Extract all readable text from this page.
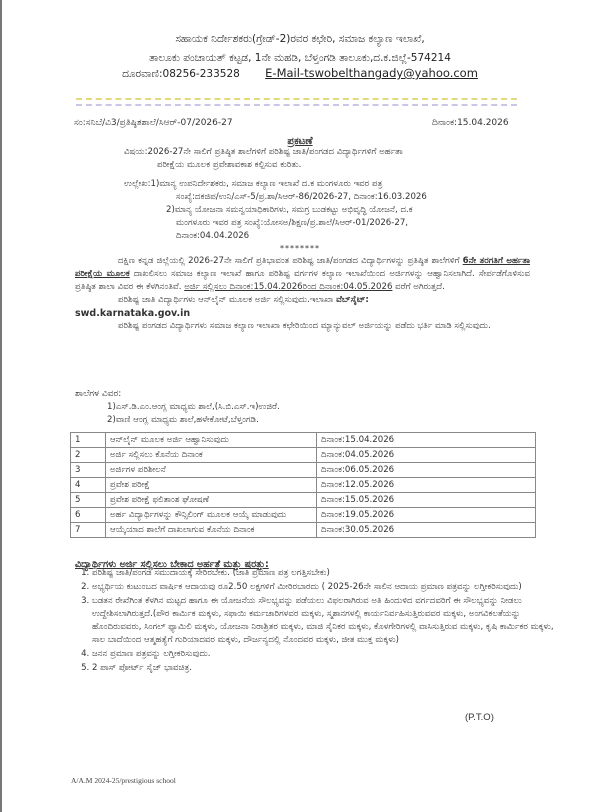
ಸಹಾಯಕ ನಿರ್ದೇಶಕರು(ಗ್ರೇಡ್-2)ರವರ ಕಛೇರಿ, ಸಮಾಜ ಕಲ್ಯಾಣ ಇಲಾಖೆ,
ತಾಲೂಕು ಪಂಚಾಯತ್ ಕಟ್ಟಡ, 1ನೇ ಮಹಡಿ, ಬೆಳ್ತಂಗಡಿ ತಾಲೂಕು,ದ.ಕ.ಜಿಲ್ಲೆ-574214
ದೂರವಾಣಿ:08256-233528 E-Mail-tswobelthangady@yahoo.com
ಸಂ:ಸನಿಬೆ/ವಿ3/ಪ್ರತಿಷ್ಠಿತಶಾಲೆ/ಸಿಆರ್-07/2026-27	ದಿನಾಂಕ:15.04.2026
ಪ್ರಕಟಣೆ
ವಿಷಯ:2026-27ನೇ ಸಾಲಿಗೆ ಪ್ರತಿಷ್ಠಿತ ಶಾಲೆಗಳಿಗೆ ಪರಿಶಿಷ್ಟ ಜಾತಿ/ಪಂಗಡದ ವಿದ್ಯಾರ್ಥಿಗಳಿಗೆ ಅರ್ಹತಾ
ಪರೀಕ್ಷೆಯ ಮೂಲಕ ಪ್ರವೇಶಾವಕಾಶ ಕಲ್ಪಿಸುವ ಕುರಿತು.
ಉಲ್ಲೇಖ:1)ಮಾನ್ಯ ಉಪನಿರ್ದೇಶಕರು, ಸಮಾಜ ಕಲ್ಯಾಣ ಇಲಾಖೆ ದ.ಕ ಮಂಗಳೂರು ಇವರ ಪತ್ರ
ಸಂಖ್ಯೆ:ದಕಜಿಪ/ಉನಿ/ಎಸ್-5/ಪ್ರ.ಶಾ/ಸಿಆರ್-86/2026-27, ದಿನಾಂಕ:16.03.2026
2)ಮಾನ್ಯ ಯೋಜನಾ ಸಮನ್ವಯಾಧಿಕಾರಿಗಳು, ಸಮಗ್ರ ಬುಡಕಟ್ಟು ಅಭಿವೃದ್ಧಿ ಯೋಜನೆ, ದ.ಕ
ಮಂಗಳೂರು ಇವರ ಪತ್ರ ಸಂಖ್ಯೆ:ಯೋಸಅ/ಶಿಕ್ಷಣ/ಪ್ರ.ಶಾಲೆ/ಸಿಆರ್-01/2026-27,
ದಿನಾಂಕ:04.04.2026
********
ದಕ್ಷಿಣ ಕನ್ನಡ ಜಿಲ್ಲೆಯಲ್ಲಿ 2026-27ನೇ ಸಾಲಿಗೆ ಪ್ರತಿಭಾವಂತ ಪರಿಶಿಷ್ಟ ಜಾತಿ/ಪಂಗಡದ ವಿದ್ಯಾರ್ಥಿಗಳನ್ನು ಪ್ರತಿಷ್ಠಿತ ಶಾಲೆಗಳಿಗೆ 6ನೇ ತರಗತಿಗೆ ಅರ್ಹತಾ ಪರೀಕ್ಷೆಯ ಮೂಲಕ ದಾಖಲಿಸಲು ಸಮಾಜ ಕಲ್ಯಾಣ ಇಲಾಖೆ ಹಾಗೂ ಪರಿಶಿಷ್ಟ ವರ್ಗಗಳ ಕಲ್ಯಾಣ ಇಲಾಖೆಯಿಂದ ಅರ್ಜಿಗಳನ್ನು ಆಹ್ವಾನಿಸಲಾಗಿದೆ. ಸೇರ್ಪಡೆಗೊಳಿಸುವ ಪ್ರತಿಷ್ಠಿತ ಶಾಲಾ ವಿವರ ಈ ಕೆಳಗಿನಂತಿವೆ. ಅರ್ಜಿ ಸಲ್ಲಿಸಲು ದಿನಾಂಕ:15.04.2026ರಿಂದ ದಿನಾಂಕ:04.05.2026 ವರೆಗೆ ಅಗಿರುತ್ತದೆ.
ಪರಿಶಿಷ್ಟ ಜಾತಿ ವಿದ್ಯಾರ್ಥಿಗಳು ಆನ್‌ಲೈನ್ ಮೂಲಕ ಅರ್ಜಿ ಸಲ್ಲಿಸುವುದು.ಇಲಾಖಾ ವೆಬ್‌ಸೈಟ್:
swd.karnataka.gov.in
ಪರಿಶಿಷ್ಟ ಪಂಗಡದ ವಿದ್ಯಾರ್ಥಿಗಳು ಸಮಾಜ ಕಲ್ಯಾಣ ಇಲಾಖಾ ಕಛೇರಿಯಿಂದ ಮ್ಯಾನ್ಯುವಲ್ ಅರ್ಜಿಯನ್ನು ಪಡೆದು ಭರ್ತಿ ಮಾಡಿ ಸಲ್ಲಿಸುವುದು.
ಶಾಲೆಗಳ ವಿವರ:
1)ಎಸ್.ಡಿ.ಎಂ.ಆಂಗ್ಲ ಮಾಧ್ಯಮ ಶಾಲೆ,(ಸಿ.ಬಿ.ಎಸ್.ಇ)ಉಜಿರೆ.
2)ವಾಣಿ ಆಂಗ್ಲ ಮಾಧ್ಯಮ ಶಾಲೆ,ಹಳೇಕೋಟೆ,ಬೆಳ್ತಂಗಡಿ.
1	ಆನ್‌ಲೈನ್ ಮೂಲಕ ಅರ್ಜಿ ಆಹ್ವಾನಿಸುವುದು	ದಿನಾಂಕ:15.04.2026
2	ಅರ್ಜಿ ಸಲ್ಲಿಸಲು ಕೊನೆಯ ದಿನಾಂಕ	ದಿನಾಂಕ:04.05.2026
3	ಅರ್ಜಿಗಳ ಪರಿಶೀಲನೆ	ದಿನಾಂಕ:06.05.2026
4	ಪ್ರವೇಶ ಪರೀಕ್ಷೆ	ದಿನಾಂಕ:12.05.2026
5	ಪ್ರವೇಶ ಪರೀಕ್ಷೆ ಫಲಿತಾಂಶ ಘೋಷಣೆ	ದಿನಾಂಕ:15.05.2026
6	ಅರ್ಹ ವಿದ್ಯಾರ್ಥಿಗಳನ್ನು ಕೌನ್ಸಿಲಿಂಗ್ ಮೂಲಕ ಆಯ್ಕೆ ಮಾಡುವುದು	ದಿನಾಂಕ:19.05.2026
7	ಆಯ್ಕೆಯಾದ ಶಾಲೆಗೆ ದಾಖಲಾಗುವ ಕೊನೆಯ ದಿನಾಂಕ	ದಿನಾಂಕ:30.05.2026
ವಿದ್ಯಾರ್ಥಿಗಳು ಅರ್ಜಿ ಸಲ್ಲಿಸಲು ಬೇಕಾದ ಅರ್ಹತೆ ಮತ್ತು ಷರತ್ತು:
1. ಪರಿಶಿಷ್ಟ ಜಾತಿ/ಪಂಗಡ ಸಮುದಾಯಕ್ಕೆ ಸೇರಿರಬೇಕು. (ಜಾತಿ ಪ್ರಮಾಣ ಪತ್ರ ಲಗತ್ತಿಸಬೇಕು)
2. ಅಭ್ಯರ್ಥಿಯ ಕುಟುಂಬದ ವಾರ್ಷಿಕ ಆದಾಯವು ರೂ2.50 ಲಕ್ಷಗಳಿಗೆ ಮೀರಿರಬಾರದು ( 2025-26ನೇ ಸಾಲಿನ ಆದಾಯ ಪ್ರಮಾಣ ಪತ್ರವನ್ನು ಲಗ್ತೀಕರಿಸುವುದು)
3. ಬಡತನ ರೇಖೆಗಿಂತ ಕೆಳಗಿನ ಮಟ್ಟದ ಹಾಗೂ ಈ ಯೋಜನೆಯ ಸೌಲಭ್ಯವನ್ನು ಪಡೆಯಲು ವಿಫಲರಾಗಿರುವ ಅತಿ ಹಿಂದುಳಿದ ವರ್ಗದವರಿಗೆ ಈ ಸೌಲಭ್ಯವನ್ನು ನೀಡಲು ಉದ್ದೇಶಿಸಲಾಗಿರುತ್ತದೆ.(ಪೌರ ಕಾರ್ಮಿಕ ಮಕ್ಕಳು, ಸಫಾಯಿ ಕರ್ಮಚಾರಿಗಳವರ ಮಕ್ಕಳು, ಸ್ಮಶಾನಗಳಲ್ಲಿ ಕಾರ್ಯನಿರ್ವಹಿಸುತ್ತಿರುವವರ ಮಕ್ಕಳು, ಅಂಗವಿಕಲತೆಯನ್ನು ಹೊಂದಿರುವವರು, ಸಿಂಗಲ್ ಫ್ಯಾಮಿಲಿ ಮಕ್ಕಳು, ಯೋಜನಾ ನಿರಾಶ್ರಿತರ ಮಕ್ಕಳು, ಮಾಜಿ ಸೈನಿಕರ ಮಕ್ಕಳು, ಕೊಳಗೇರಿಗಳಲ್ಲಿ ವಾಸಿಸುತ್ತಿರುವ ಮಕ್ಕಳು, ಕೃಷಿ ಕಾರ್ಮಿಕರ ಮಕ್ಕಳು, ಸಾಲ ಬಾದೆಯಿಂದ ಆತ್ಮಹತ್ಯೆಗೆ ಗುರಿಯಾದವರ ಮಕ್ಕಳು, ದೌರ್ಜನ್ಯದಲ್ಲಿ ನೊಂದವರ ಮಕ್ಕಳು, ಜೀತ ಮುಕ್ತ ಮಕ್ಕಳು)
4. ಜನನ ಪ್ರಮಾಣ ಪತ್ರವನ್ನು ಲಗ್ತೀಕರಿಸುವುದು.
5. 2 ಪಾಸ್ ಪೋರ್ಟ್ ಸೈಜ್ ಭಾವಚಿತ್ರ.
(P.T.O)
A/A.M 2024-25/prestigious school
